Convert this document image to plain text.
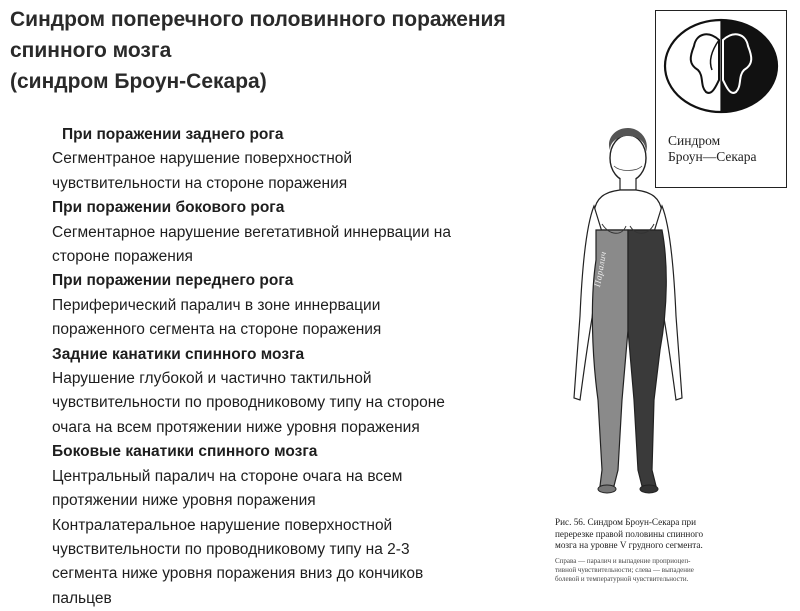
Синдром поперечного половинного поражения
спинного мозга
(синдром Броун-Секара)
При поражении заднего рога
Сегментраное нарушение поверхностной
чувствительности на стороне поражения
При поражении бокового рога
Сегментарное нарушение вегетативной иннервации на
стороне поражения
При поражении переднего рога
Периферический паралич в зоне иннервации
пораженного сегмента на стороне поражения
Задние канатики спинного мозга
Нарушение глубокой и частично тактильной
чувствительности по проводниковому типу на стороне
очага на всем протяжении ниже уровня поражения
Боковые канатики спинного мозга
Центральный паралич на стороне очага на всем
протяжении ниже уровня поражения
Контралатеральное нарушение поверхностной
чувствительности по проводниковому типу на 2-3
сегмента ниже уровня поражения вниз до кончиков
пальцев
Паралич
Синдром
Броун—Секара
Рис. 56. Синдром Броун-Секара при
перерезке правой половины спинного
мозга на уровне V грудного сегмента.
Справа — паралич и выпадение проприоцеп-
тивной чувствительности; слева — выпадение
болевой и температурной чувствительности.
